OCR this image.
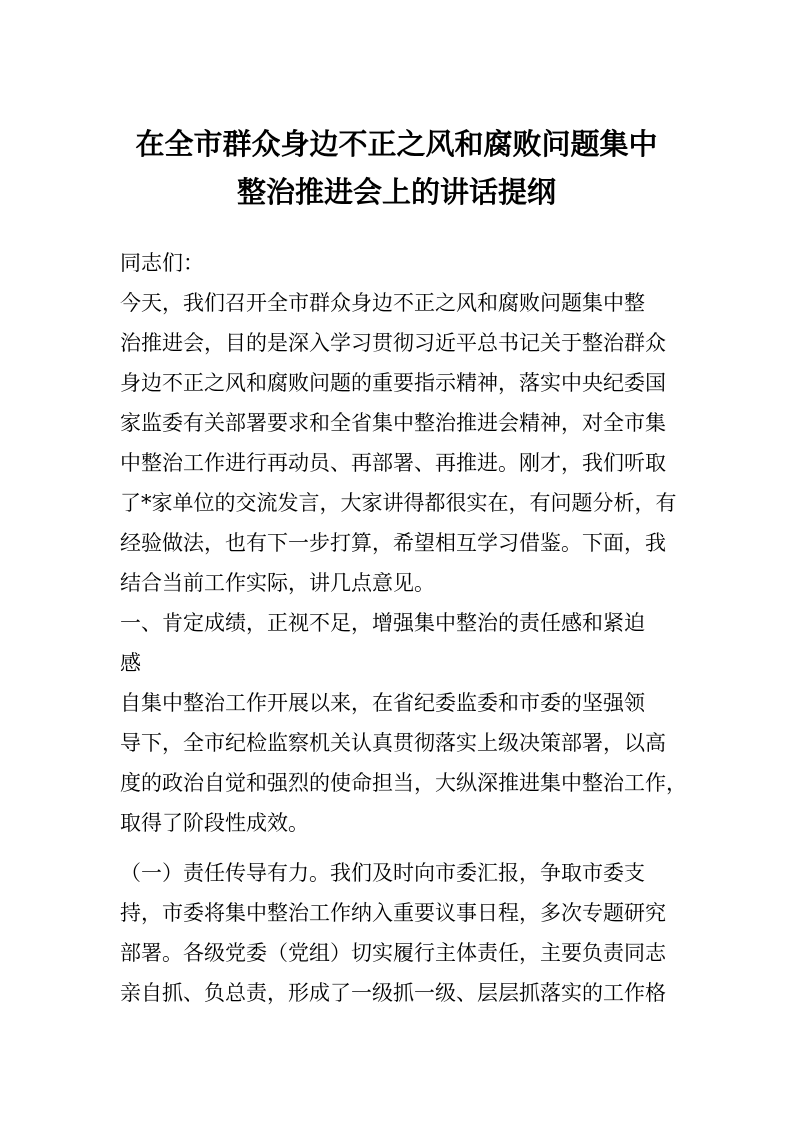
在全市群众身边不正之风和腐败问题集中
整治推进会上的讲话提纲
同志们：
今天，我们召开全市群众身边不正之风和腐败问题集中整
治推进会，目的是深入学习贯彻习近平总书记关于整治群众
身边不正之风和腐败问题的重要指示精神，落实中央纪委国
家监委有关部署要求和全省集中整治推进会精神，对全市集
中整治工作进行再动员、再部署、再推进。刚才，我们听取
了*家单位的交流发言，大家讲得都很实在，有问题分析，有
经验做法，也有下一步打算，希望相互学习借鉴。下面，我
结合当前工作实际，讲几点意见。
一、肯定成绩，正视不足，增强集中整治的责任感和紧迫
感
自集中整治工作开展以来，在省纪委监委和市委的坚强领
导下，全市纪检监察机关认真贯彻落实上级决策部署，以高
度的政治自觉和强烈的使命担当，大纵深推进集中整治工作，
取得了阶段性成效。
（一）责任传导有力。我们及时向市委汇报，争取市委支
持，市委将集中整治工作纳入重要议事日程，多次专题研究
部署。各级党委（党组）切实履行主体责任，主要负责同志
亲自抓、负总责，形成了一级抓一级、层层抓落实的工作格
